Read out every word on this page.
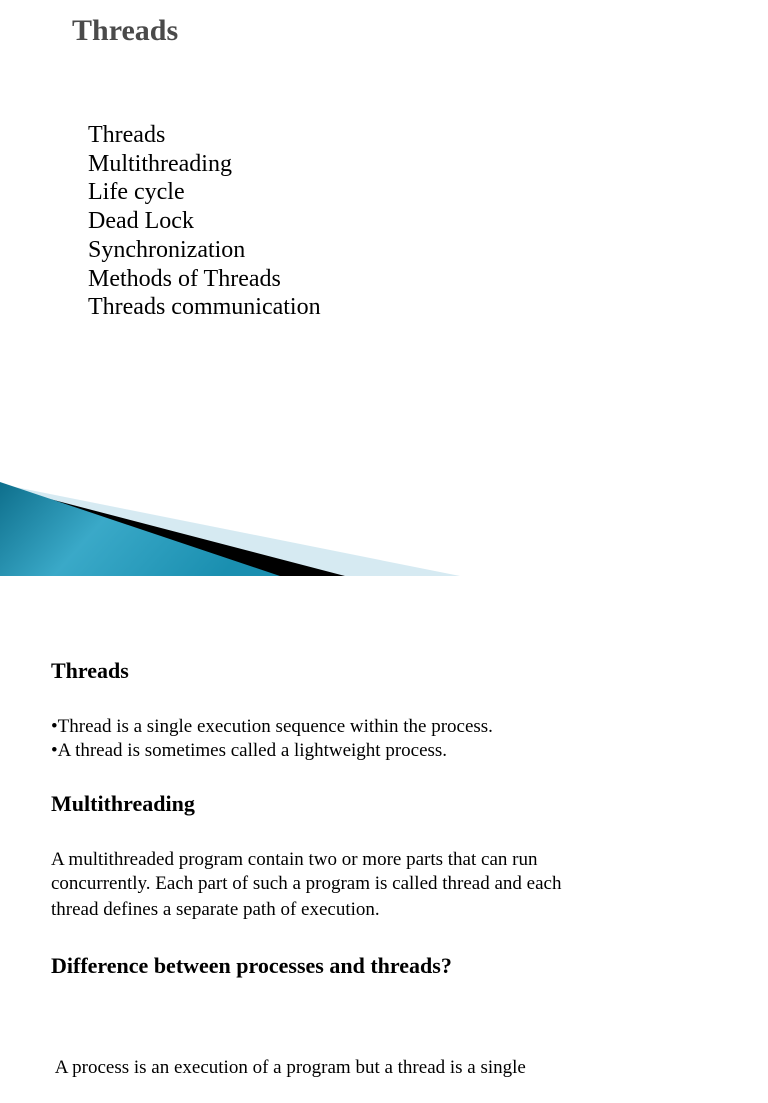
Threads
Threads
Multithreading
Life cycle
Dead Lock
Synchronization
Methods of Threads
Threads communication
Threads

•Thread is a single execution sequence within the process.
•A thread is sometimes called a lightweight process.

Multithreading

A multithreaded program contain two or more parts that can run
concurrently. Each part of such a program is called thread and each
thread defines a separate path of execution.

Difference between processes and threads?

A process is an execution of a program but a thread is a single
